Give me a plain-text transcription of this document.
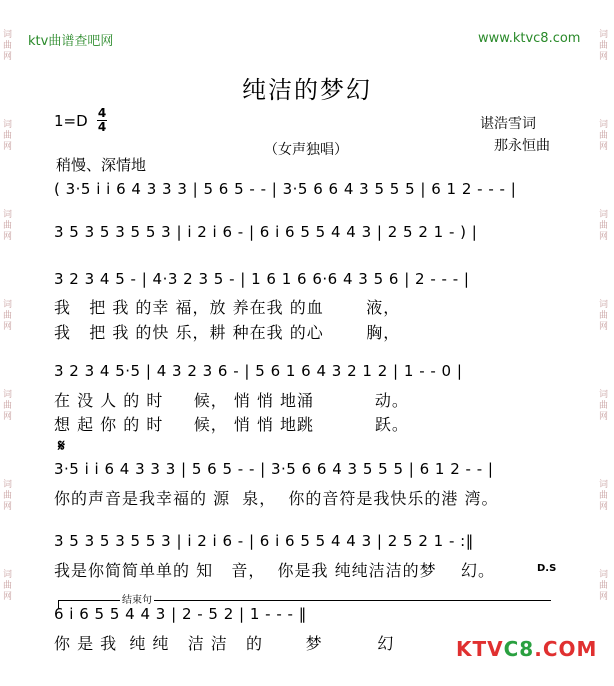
词曲网
词曲网
词曲网
词曲网
词曲网
词曲网
词曲网
词曲网
词曲网
词曲网
词曲网
词曲网
词曲网
词曲网
ktv曲谱查吧网	www.ktvc8.com
纯洁的梦幻
1=D 4
4
（女声独唱）
谌浩雪词
那永恒曲
稍慢、深情地
( 3·5 i i 6 4 3 3 3 | 5 6 5 - - | 3·5 6 6 4 3 5 5 5 | 6 1 2 - - - |
3 5 3 5 3 5 5 3 | i 2 i 6 - | 6 i 6 5 5 4 4 3 | 2 5 2 1 - ) |
3 2 3 4 5 - | 4·3 2 3 5 - | 1 6 1 6 6·6 4 3 5 6 | 2 - - - |
我   把 我 的幸 福，放 养在我 的血       液，
我   把 我 的快 乐，耕 种在我 的心       胸，
3 2 3 4 5·5 | 4 3 2 3 6 - | 5 6 1 6 4 3 2 1 2 | 1 - - 0 |
在 没 人 的 时     候， 悄 悄 地涌          动。
想 起 你 的 时     候， 悄 悄 地跳          跃。
𝄋
3·5 i i 6 4 3 3 3 | 5 6 5 - - | 3·5 6 6 4 3 5 5 5 | 6 1 2 - - |
你的声音是我幸福的 源  泉，  你的音符是我快乐的港 湾。
3 5 3 5 3 5 5 3 | i 2 i 6 - | 6 i 6 5 5 4 4 3 | 2 5 2 1 - :‖
我是你简简单单的 知   音，  你是我 纯纯洁洁的梦    幻。	D.S
结束句
6 i 6 5 5 4 4 3 | 2 - 5 2 | 1 - - - ‖
你 是 我  纯 纯   洁 洁   的       梦         幻	KTVC8.COM
